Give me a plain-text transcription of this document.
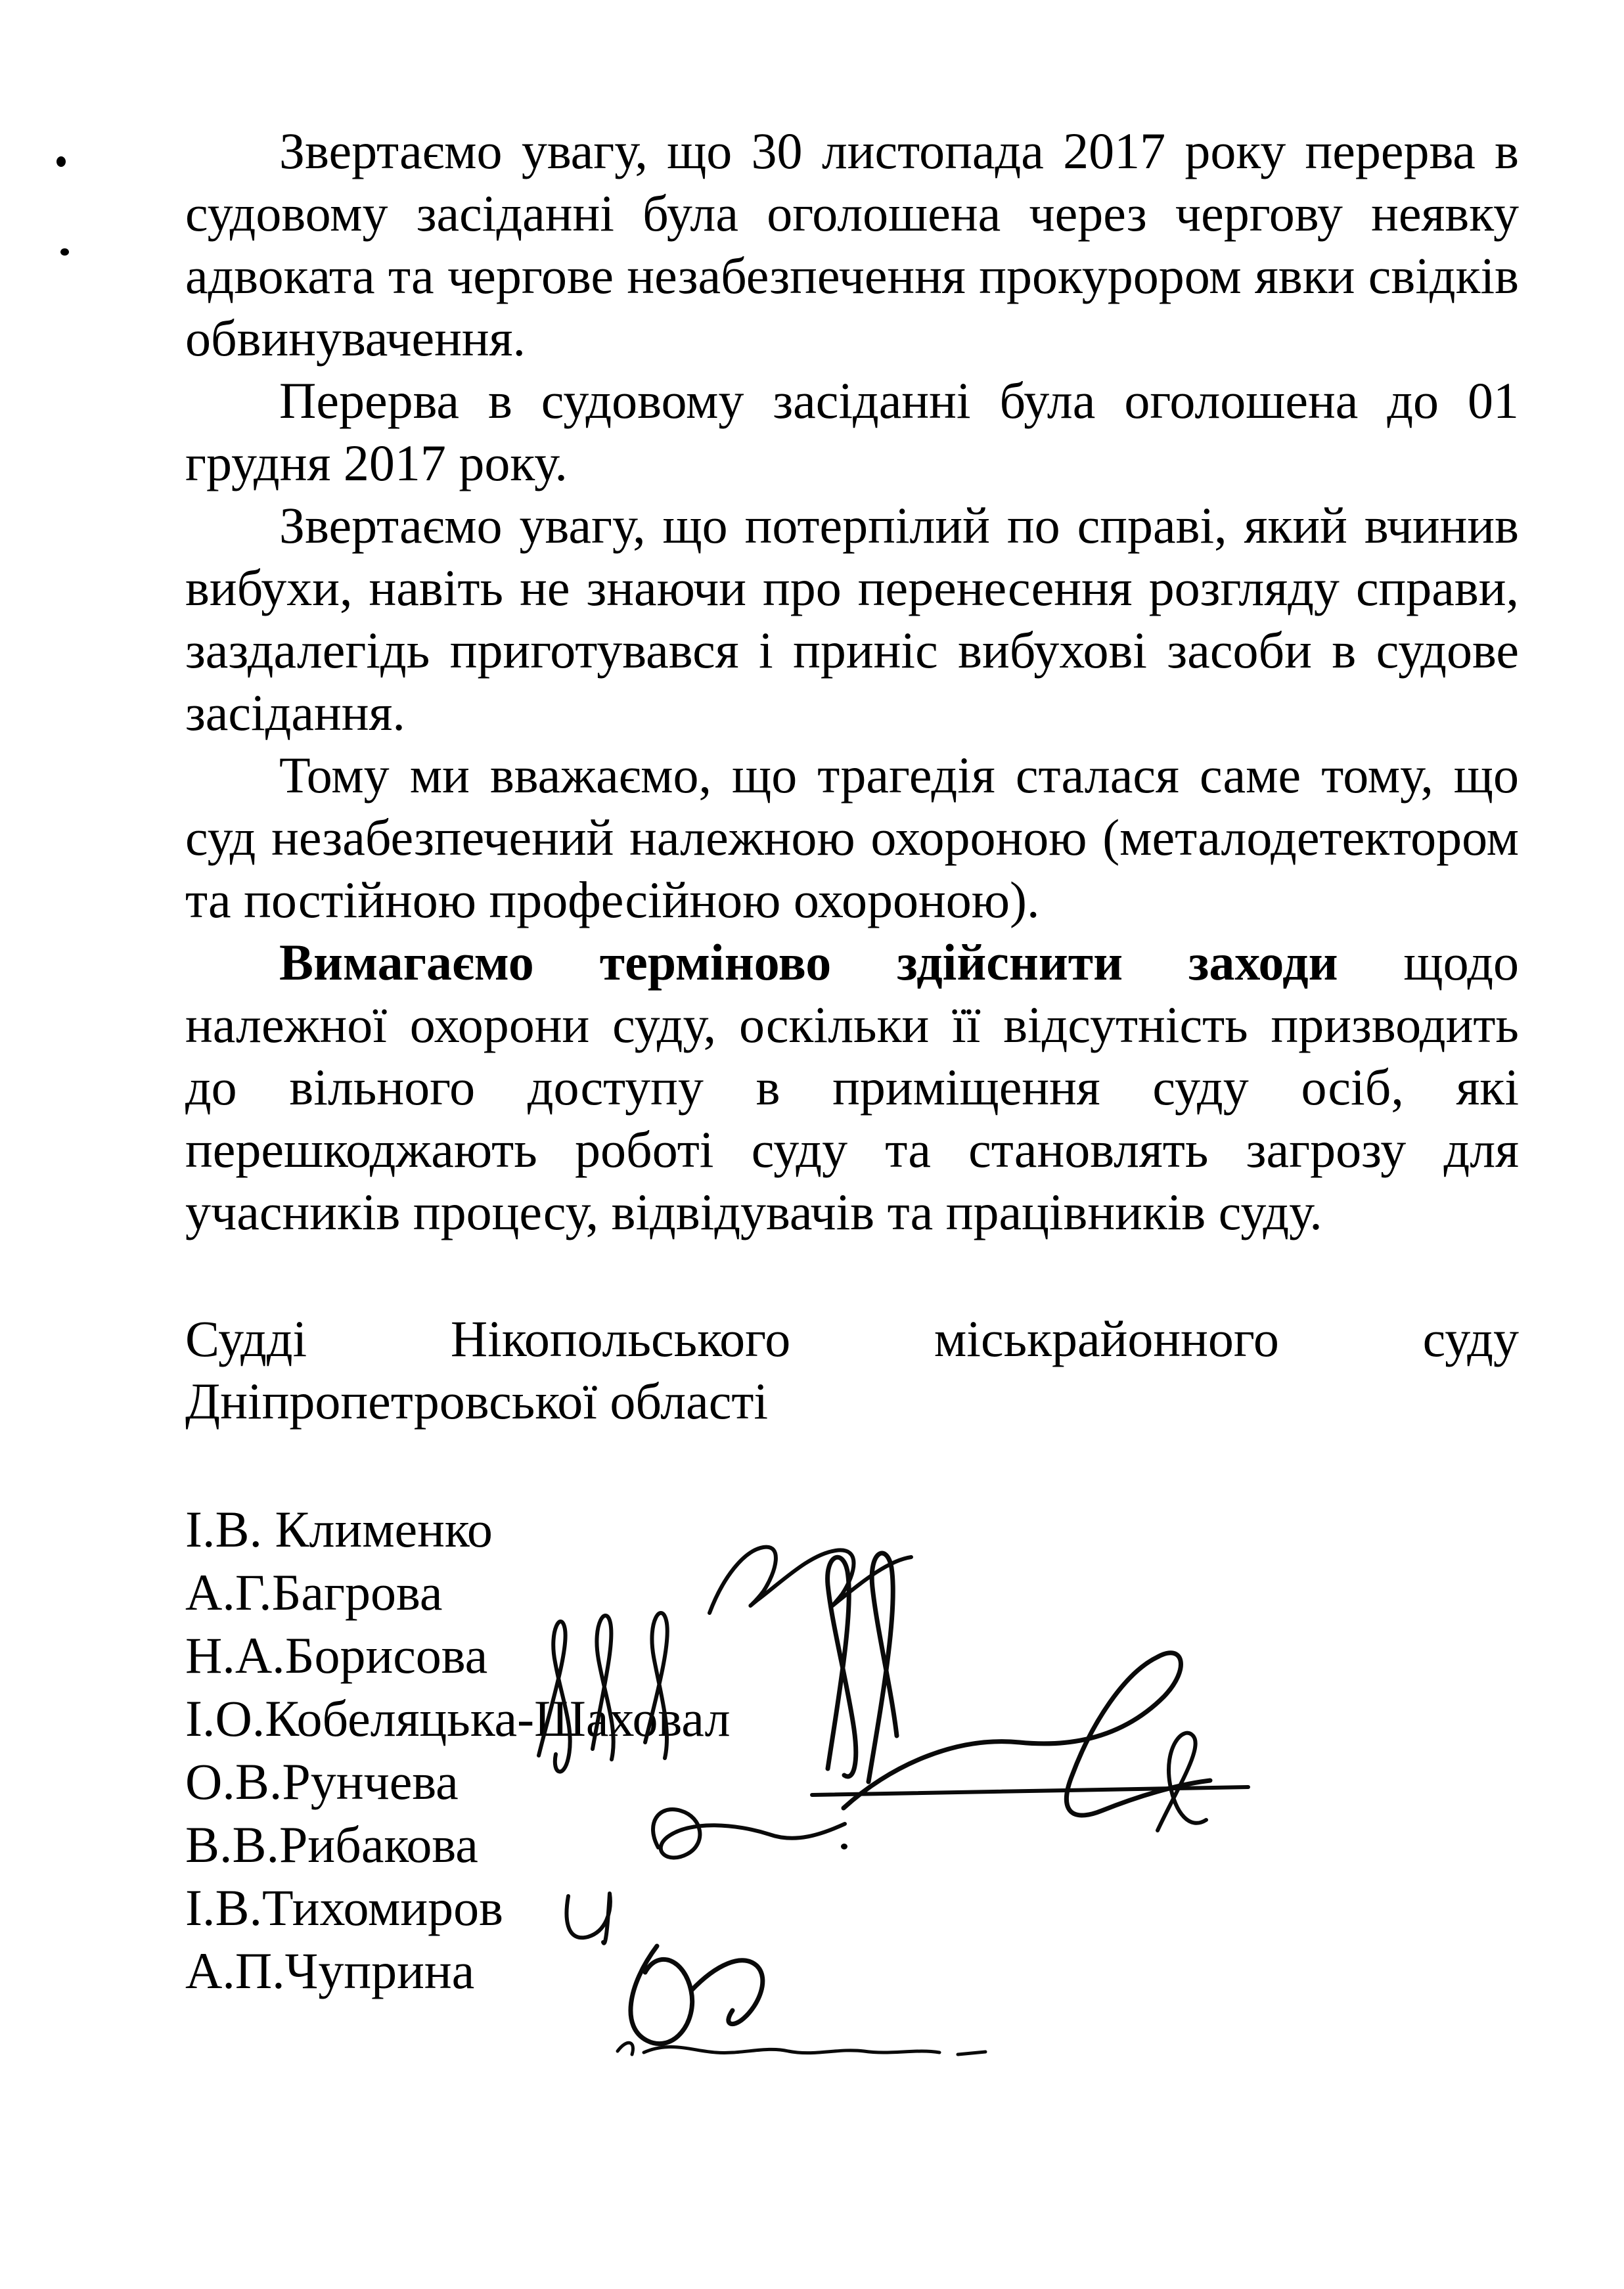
Звертаємо увагу, що 30 листопада 2017 року перерва в судовому засіданні була оголошена через чергову неявку адвоката та чергове незабезпечення прокурором явки свідків обвинувачення.

Перерва в судовому засіданні була оголошена до 01 грудня 2017 року.

Звертаємо увагу, що потерпілий по справі, який вчинив вибухи, навіть не знаючи про перенесення розгляду справи, заздалегідь приготувався і приніс вибухові засоби в судове засідання.

Тому ми вважаємо, що трагедія сталася саме тому, що суд незабезпечений належною охороною (металодетектором та постійною професійною охороною).

Вимагаємо терміново здійснити заходи щодо належної охорони суду, оскільки її відсутність призводить до вільного доступу в приміщення суду осіб, які перешкоджають роботі суду та становлять загрозу для учасників процесу, відвідувачів та працівників суду.

Судді Нікопольського міськрайонного суду Дніпропетровської області

І.В. Клименко
А.Г.Багрова
Н.А.Борисова
І.О.Кобеляцька-Шаховал
О.В.Рунчева
В.В.Рибакова
І.В.Тихомиров
А.П.Чуприна
